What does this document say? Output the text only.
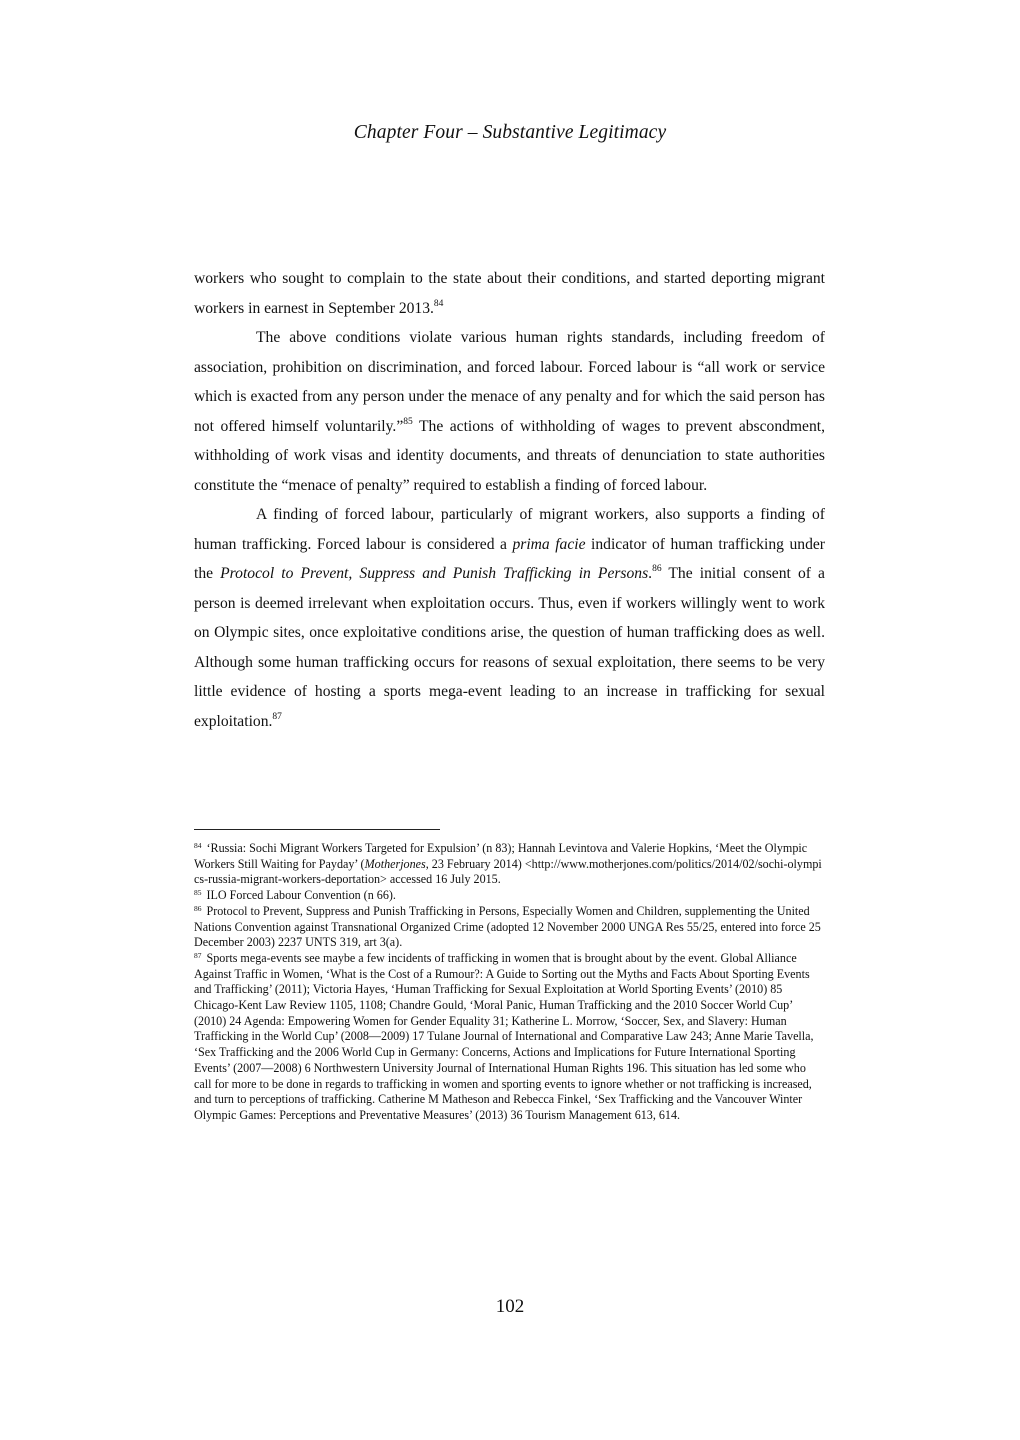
Chapter Four – Substantive Legitimacy

workers who sought to complain to the state about their conditions, and started deporting migrant workers in earnest in September 2013.84

The above conditions violate various human rights standards, including freedom of association, prohibition on discrimination, and forced labour. Forced labour is “all work or service which is exacted from any person under the menace of any penalty and for which the said person has not offered himself voluntarily.”$^{85}$ The actions of withholding of wages to prevent abscondment, withholding of work visas and identity documents, and threats of denunciation to state authorities constitute the “menace of penalty” required to establish a finding of forced labour.

A finding of forced labour, particularly of migrant workers, also supports a finding of human trafficking. Forced labour is considered a prima facie indicator of human trafficking under the Protocol to Prevent, Suppress and Punish Trafficking in Persons.$^{86}$ The initial consent of a person is deemed irrelevant when exploitation occurs. Thus, even if workers willingly went to work on Olympic sites, once exploitative conditions arise, the question of human trafficking does as well. Although some human trafficking occurs for reasons of sexual exploitation, there seems to be very little evidence of hosting a sports mega-event leading to an increase in trafficking for sexual exploitation.$^{87}$

$^{84}$ ‘Russia: Sochi Migrant Workers Targeted for Expulsion’ (n 83); Hannah Levintova and Valerie Hopkins, ‘Meet the Olympic Workers Still Waiting for Payday’ (Motherjones, 23 February 2014) <http://www.motherjones.com/politics/2014/02/sochi-olympics-russia-migrant-workers-deportation> accessed 16 July 2015.

$^{85}$ ILO Forced Labour Convention (n 66).

$^{86}$ Protocol to Prevent, Suppress and Punish Trafficking in Persons, Especially Women and Children, supplementing the United Nations Convention against Transnational Organized Crime (adopted 12 November 2000 UNGA Res 55/25, entered into force 25 December 2003) 2237 UNTS 319, art 3(a).

$^{87}$ Sports mega-events see maybe a few incidents of trafficking in women that is brought about by the event. Global Alliance Against Traffic in Women, ‘What is the Cost of a Rumour?: A Guide to Sorting out the Myths and Facts About Sporting Events and Trafficking’ (2011); Victoria Hayes, ‘Human Trafficking for Sexual Exploitation at World Sporting Events’ (2010) 85 Chicago-Kent Law Review 1105, 1108; Chandre Gould, ‘Moral Panic, Human Trafficking and the 2010 Soccer World Cup’ (2010) 24 Agenda: Empowering Women for Gender Equality 31; Katherine L. Morrow, ‘Soccer, Sex, and Slavery: Human Trafficking in the World Cup’ (2008—2009) 17 Tulane Journal of International and Comparative Law 243; Anne Marie Tavella, ‘Sex Trafficking and the 2006 World Cup in Germany: Concerns, Actions and Implications for Future International Sporting Events’ (2007—2008) 6 Northwestern University Journal of International Human Rights 196. This situation has led some who call for more to be done in regards to trafficking in women and sporting events to ignore whether or not trafficking is increased, and turn to perceptions of trafficking. Catherine M Matheson and Rebecca Finkel, ‘Sex Trafficking and the Vancouver Winter Olympic Games: Perceptions and Preventative Measures’ (2013) 36 Tourism Management 613, 614.

102
